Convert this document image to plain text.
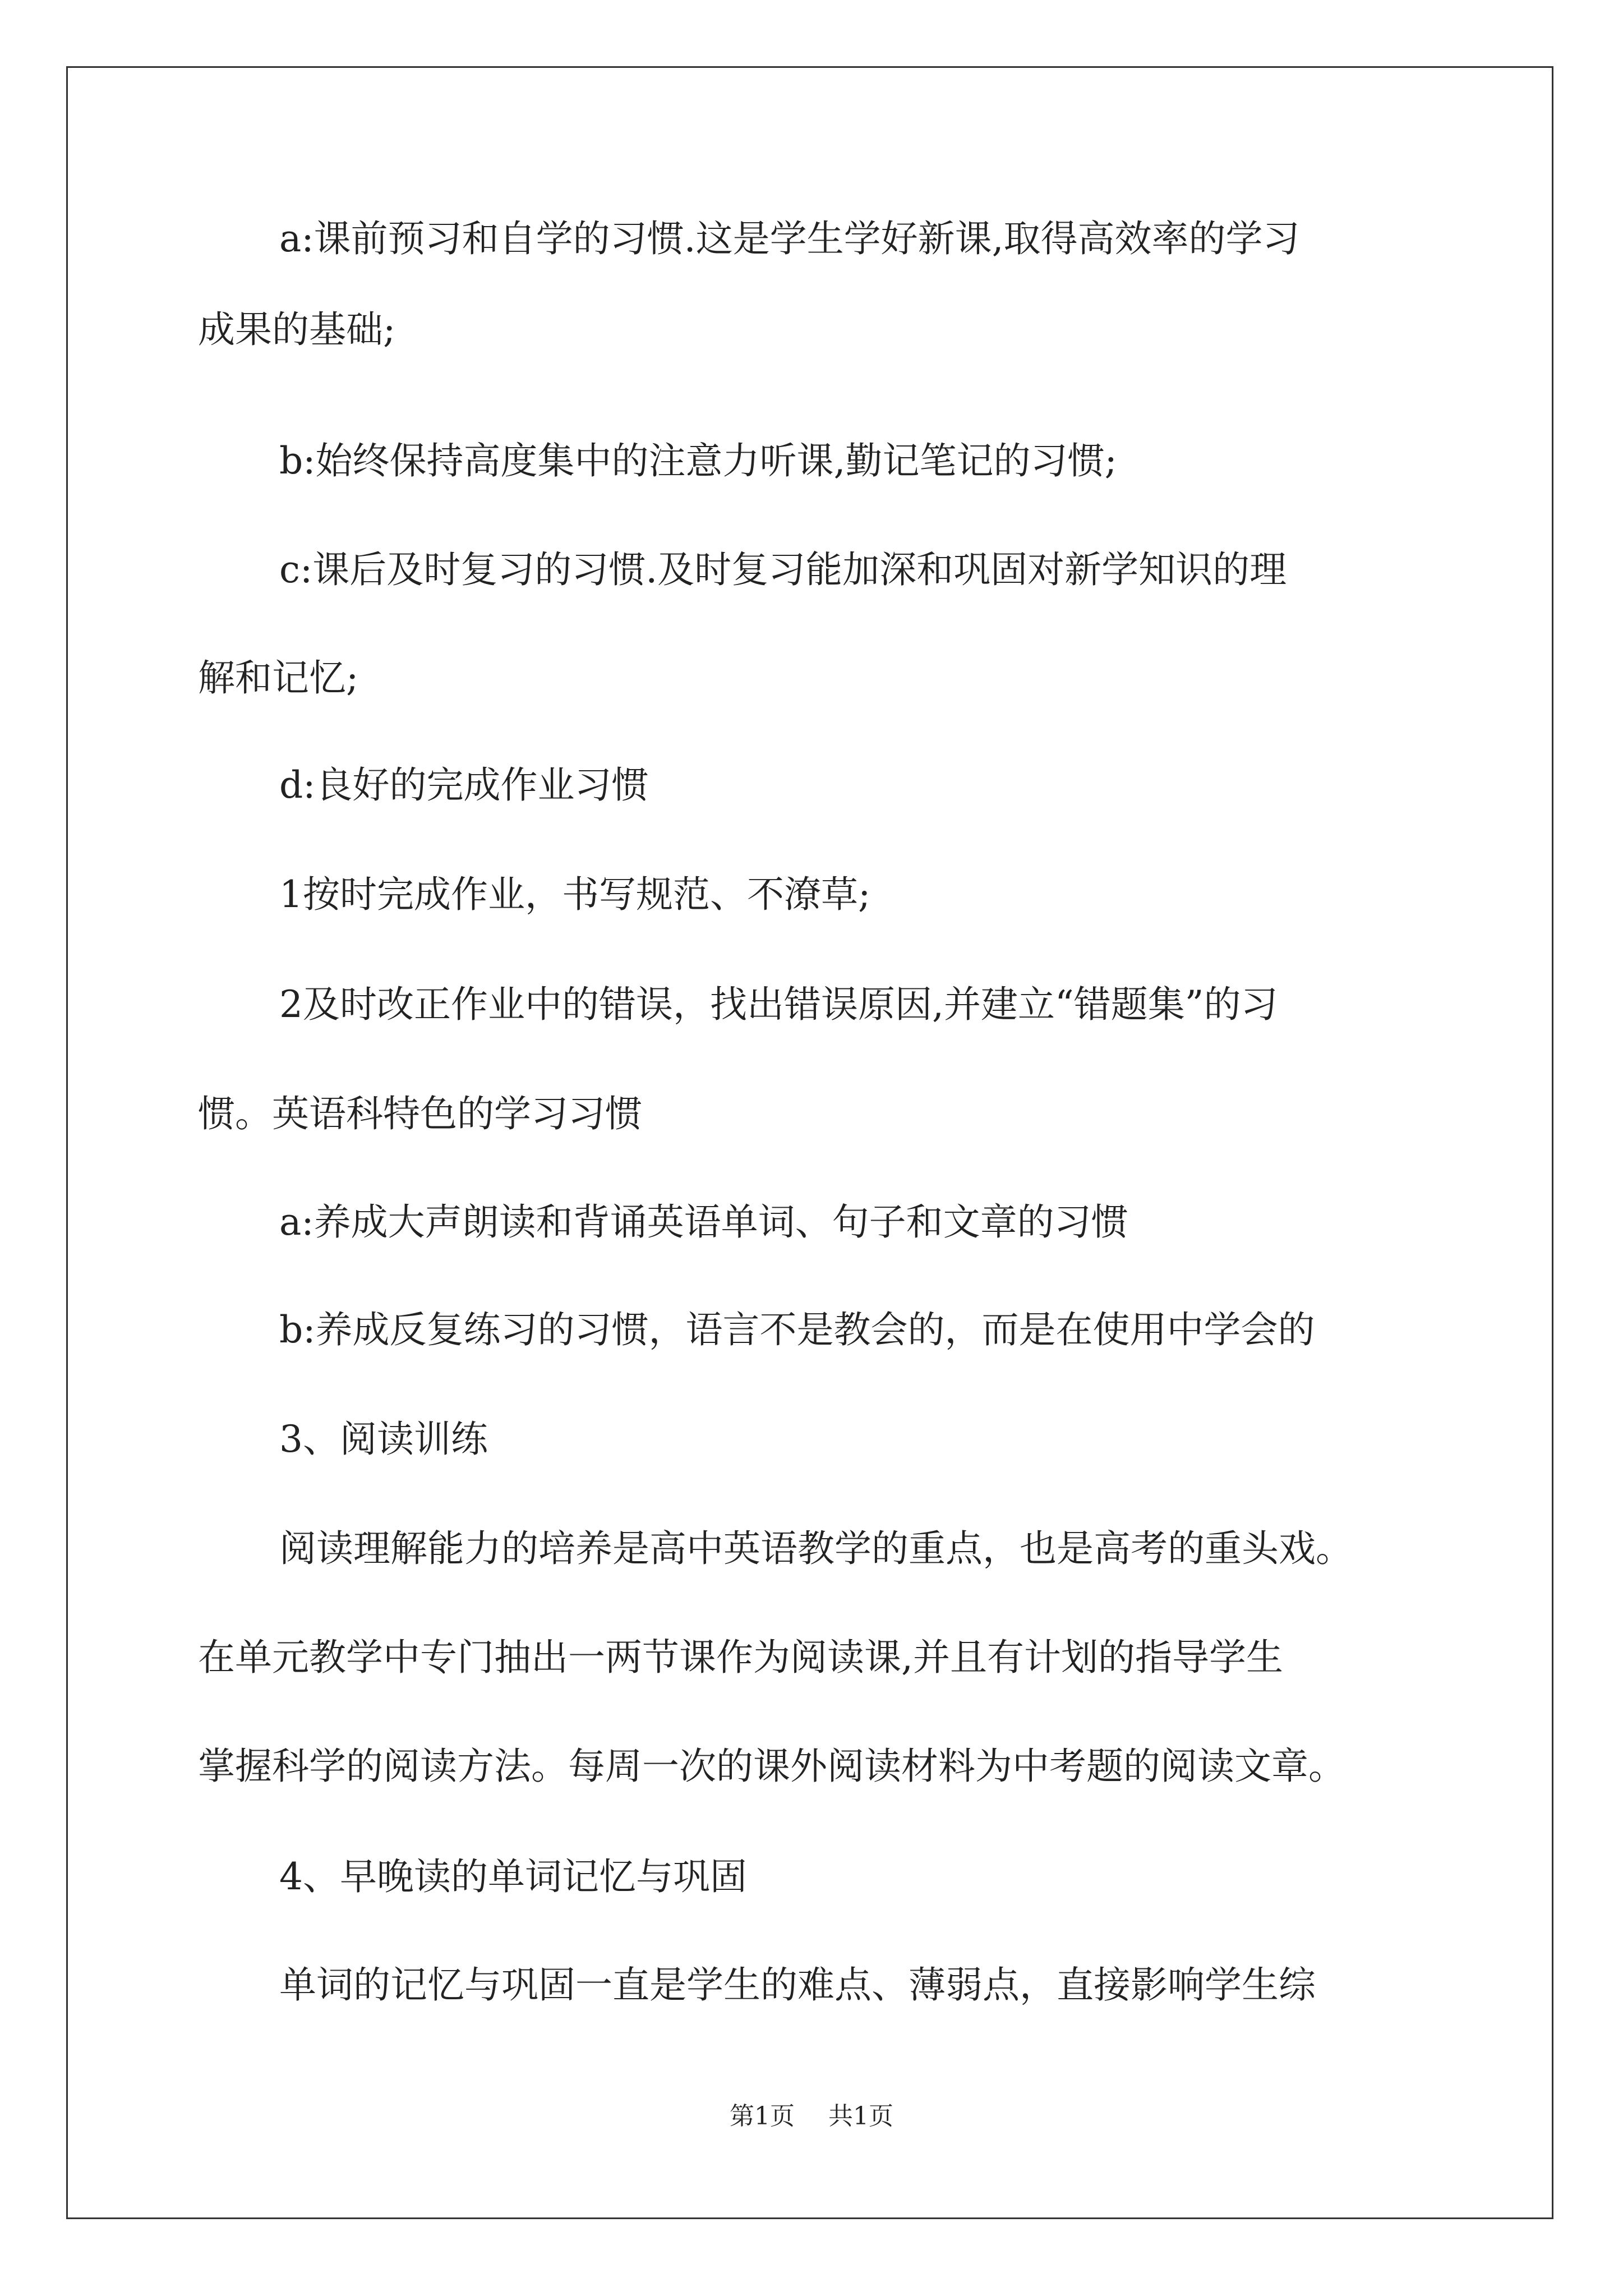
a:课前预习和自学的习惯.这是学生学好新课,取得高效率的学习
成果的基础;
b:始终保持高度集中的注意力听课,勤记笔记的习惯;
c:课后及时复习的习惯.及时复习能加深和巩固对新学知识的理
解和记忆;
d:良好的完成作业习惯
1按时完成作业，书写规范、不潦草;
2及时改正作业中的错误，找出错误原因,并建立“错题集”的习
惯。英语科特色的学习习惯
a:养成大声朗读和背诵英语单词、句子和文章的习惯
b:养成反复练习的习惯，语言不是教会的，而是在使用中学会的
3、阅读训练
阅读理解能力的培养是高中英语教学的重点，也是高考的重头戏。
在单元教学中专门抽出一两节课作为阅读课,并且有计划的指导学生
掌握科学的阅读方法。每周一次的课外阅读材料为中考题的阅读文章。
4、早晚读的单词记忆与巩固
单词的记忆与巩固一直是学生的难点、薄弱点，直接影响学生综
第1页 共1页
